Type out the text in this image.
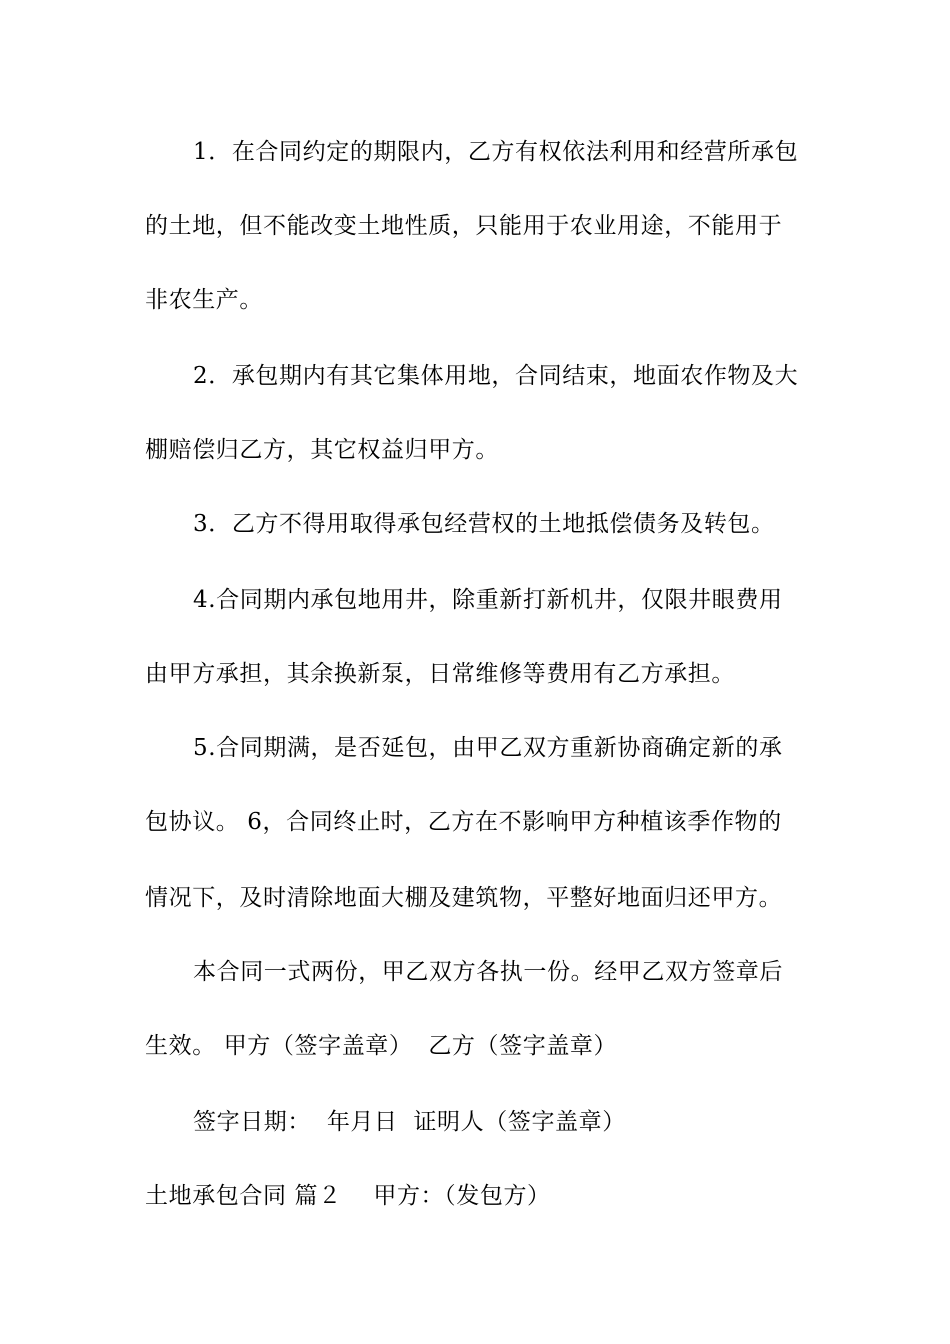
1．在合同约定的期限内，乙方有权依法利用和经营所承包
的土地，但不能改变土地性质，只能用于农业用途，不能用于
非农生产。
2．承包期内有其它集体用地，合同结束，地面农作物及大
棚赔偿归乙方，其它权益归甲方。
3．乙方不得用取得承包经营权的土地抵偿债务及转包。
4.合同期内承包地用井，除重新打新机井，仅限井眼费用
由甲方承担，其余换新泵，日常维修等费用有乙方承担。
5.合同期满，是否延包，由甲乙双方重新协商确定新的承
包协议。 6，合同终止时，乙方在不影响甲方种植该季作物的
情况下，及时清除地面大棚及建筑物，平整好地面归还甲方。
本合同一式两份，甲乙双方各执一份。经甲乙双方签章后
生效。 甲方（签字盖章）  乙方（签字盖章）
签字日期：  年月日  证明人（签字盖章）
土地承包合同 篇２    甲方：（发包方）
